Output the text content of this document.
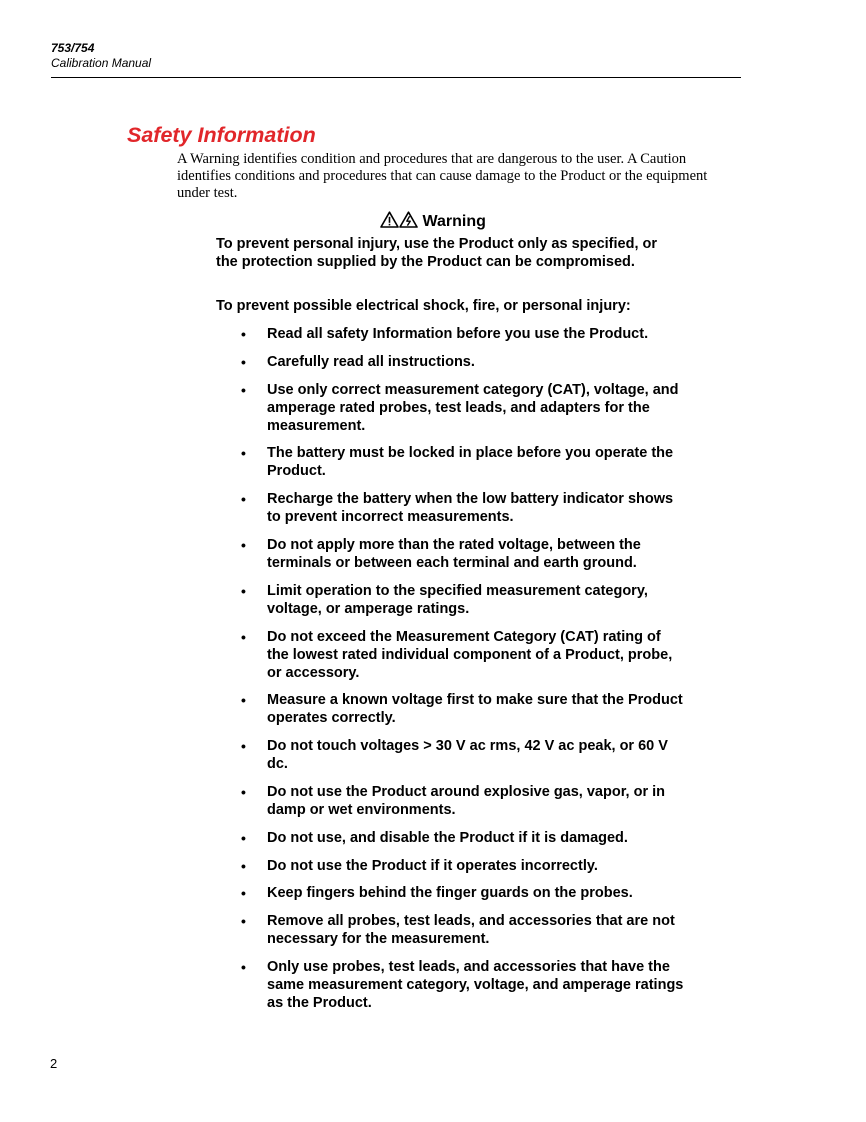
753/754
Calibration Manual
Safety Information

A Warning identifies condition and procedures that are dangerous to the user. A Caution identifies conditions and procedures that can cause damage to the Product or the equipment under test.

Warning

To prevent personal injury, use the Product only as specified, or the protection supplied by the Product can be compromised.

To prevent possible electrical shock, fire, or personal injury:

• Read all safety Information before you use the Product.
• Carefully read all instructions.
• Use only correct measurement category (CAT), voltage, and amperage rated probes, test leads, and adapters for the measurement.
• The battery must be locked in place before you operate the Product.
• Recharge the battery when the low battery indicator shows to prevent incorrect measurements.
• Do not apply more than the rated voltage, between the terminals or between each terminal and earth ground.
• Limit operation to the specified measurement category, voltage, or amperage ratings.
• Do not exceed the Measurement Category (CAT) rating of the lowest rated individual component of a Product, probe, or accessory.
• Measure a known voltage first to make sure that the Product operates correctly.
• Do not touch voltages > 30 V ac rms, 42 V ac peak, or 60 V dc.
• Do not use the Product around explosive gas, vapor, or in damp or wet environments.
• Do not use, and disable the Product if it is damaged.
• Do not use the Product if it operates incorrectly.
• Keep fingers behind the finger guards on the probes.
• Remove all probes, test leads, and accessories that are not necessary for the measurement.
• Only use probes, test leads, and accessories that have the same measurement category, voltage, and amperage ratings as the Product.
2
